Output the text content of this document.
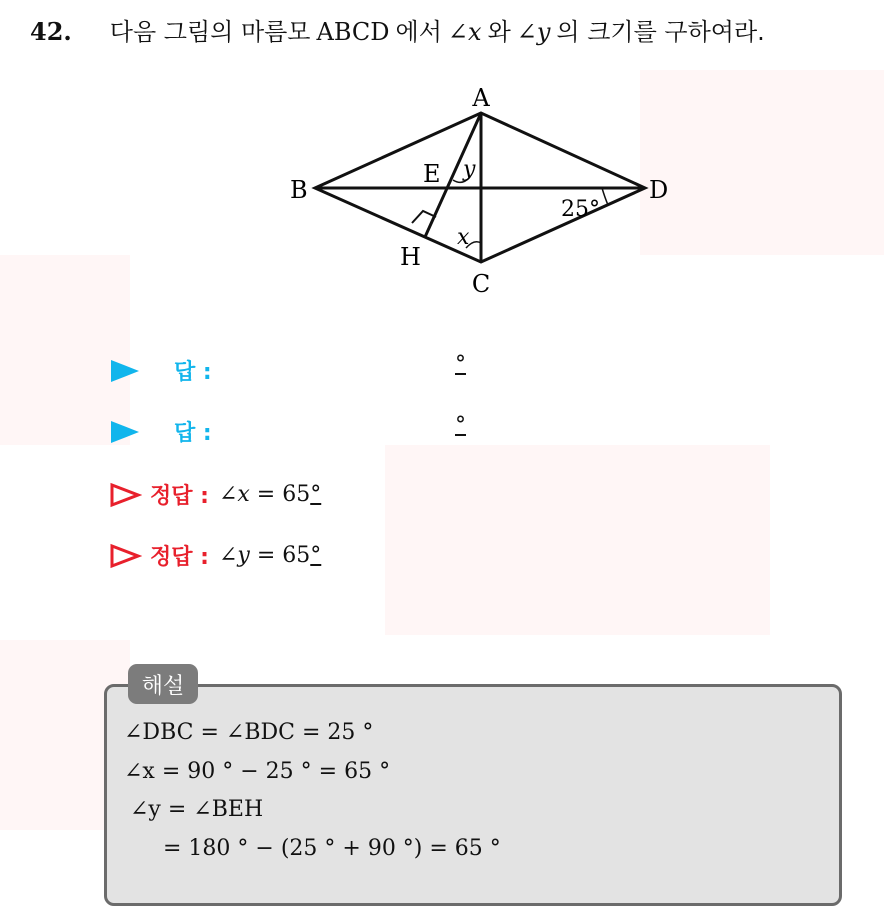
42. 다음 그림의 마름모 ABCD 에서 ∠x 와 ∠y 의 크기를 구하여라.
A
B
C
D
E
H
x
y
25°
답 :	°
답 :	°
정답 : ∠x = 65°
정답 : ∠y = 65°
해설
∠DBC = ∠BDC = 25 °
∠x = 90 ° − 25 ° = 65 °
∠y = ∠BEH
= 180 ° − (25 ° + 90 °) = 65 °
